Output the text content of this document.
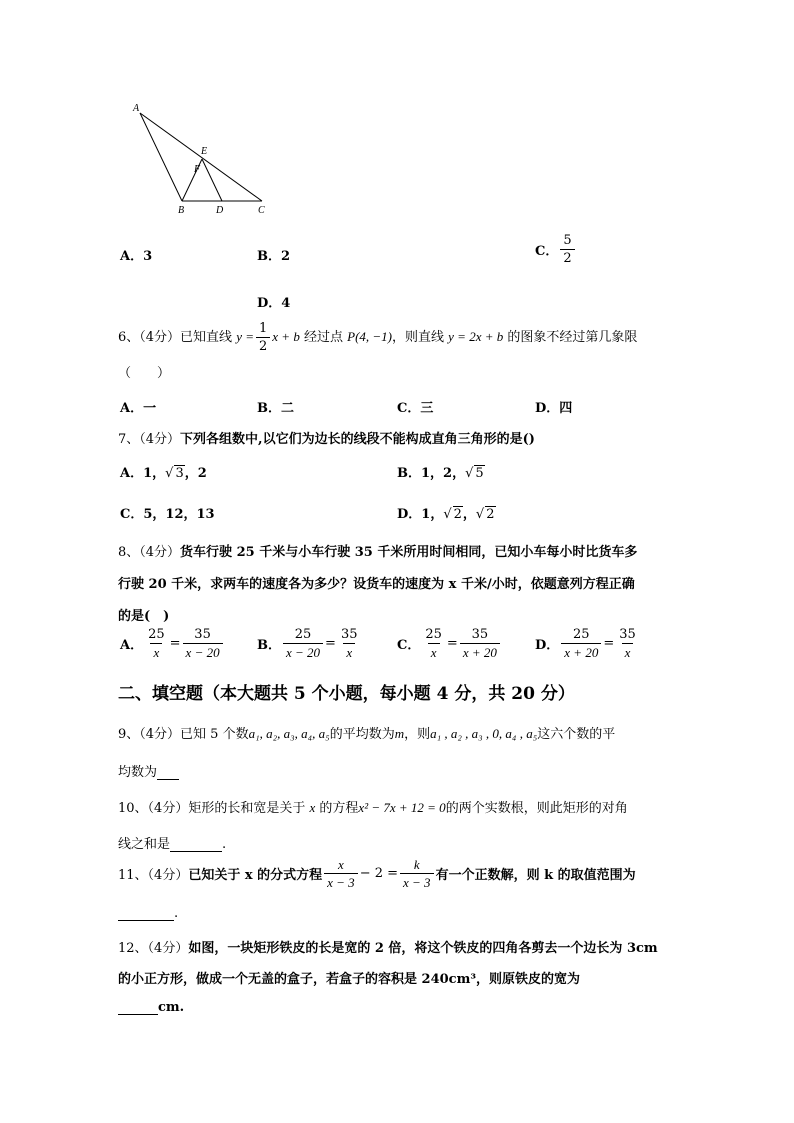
A
E
F
B	D	C
A．3	B．2	C． $\frac{5}{2}$
D．4
6、（4分）已知直线 $y = \frac{1}{2}$ x + b 经过点 P(4, −1)，则直线 y = 2x + b 的图象不经过第几象限
（　　）
A．一	B．二	C．三	D．四
7、（4分）下列各组数中,以它们为边长的线段不能构成直角三角形的是()
A．1，√ 3，2	B．1，2，√ 5
C．5，12，13	D．1，√ 2，√ 2
8、（4分）货车行驶 25 千米与小车行驶 35 千米所用时间相同，已知小车每小时比货车多
行驶 20 千米，求两车的速度各为多少？设货车的速度为 x 千米/小时，依题意列方程正确
的是(　)
A． $\frac{25}{x} = \frac{35}{x - 20}$	B． $\frac{25}{x - 20} = \frac{35}{x}$	C． $\frac{25}{x} = \frac{35}{x + 20}$	D． $\frac{25}{x + 20} = \frac{35}{x}$
二、填空题（本大题共 5 个小题，每小题 4 分，共 20 分）
9、（4分）已知 5 个数a₁, a₂, a₃, a₄, a₅的平均数为m，则a₁ , a₂ , a₃ , 0, a₄ , a₅这六个数的平
均数为
10、（4分）矩形的长和宽是关于 x 的方程x² − 7x + 12 = 0的两个实数根，则此矩形的对角
线之和是	.
11、（4分）已知关于 x 的分式方程 $\frac{x}{x - 3} - 2 = \frac{k}{x - 3}$ 有一个正数解，则 k 的取值范围为
.
12、（4分）如图，一块矩形铁皮的长是宽的 2 倍，将这个铁皮的四角各剪去一个边长为 3cm
的小正方形，做成一个无盖的盒子，若盒子的容积是 240cm³，则原铁皮的宽为
cm.
